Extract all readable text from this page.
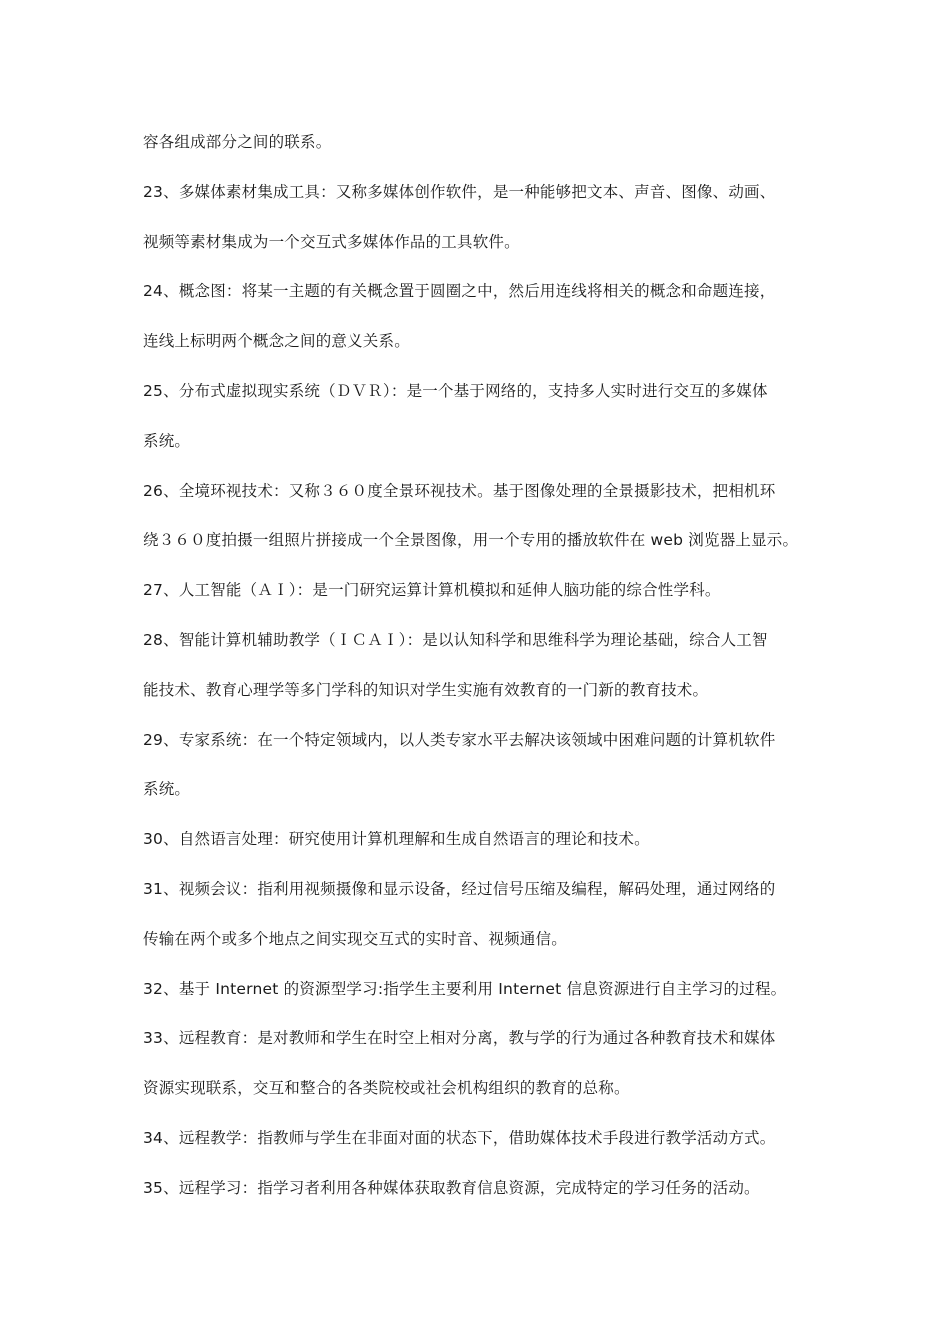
容各组成部分之间的联系。
23、多媒体素材集成工具：又称多媒体创作软件，是一种能够把文本、声音、图像、动画、
视频等素材集成为一个交互式多媒体作品的工具软件。
24、概念图：将某一主题的有关概念置于圆圈之中，然后用连线将相关的概念和命题连接，
连线上标明两个概念之间的意义关系。
25、分布式虚拟现实系统（ＤＶＲ）：是一个基于网络的，支持多人实时进行交互的多媒体
系统。
26、全境环视技术：又称３６０度全景环视技术。基于图像处理的全景摄影技术，把相机环
绕３６０度拍摄一组照片拼接成一个全景图像，用一个专用的播放软件在 web 浏览器上显示。
27、人工智能（ＡＩ）：是一门研究运算计算机模拟和延伸人脑功能的综合性学科。
28、智能计算机辅助教学（ＩＣＡＩ）：是以认知科学和思维科学为理论基础，综合人工智
能技术、教育心理学等多门学科的知识对学生实施有效教育的一门新的教育技术。
29、专家系统：在一个特定领域内，以人类专家水平去解决该领域中困难问题的计算机软件
系统。
30、自然语言处理：研究使用计算机理解和生成自然语言的理论和技术。
31、视频会议：指利用视频摄像和显示设备，经过信号压缩及编程，解码处理，通过网络的
传输在两个或多个地点之间实现交互式的实时音、视频通信。
32、基于 Internet 的资源型学习:指学生主要利用 Internet 信息资源进行自主学习的过程。
33、远程教育：是对教师和学生在时空上相对分离，教与学的行为通过各种教育技术和媒体
资源实现联系，交互和整合的各类院校或社会机构组织的教育的总称。
34、远程教学：指教师与学生在非面对面的状态下，借助媒体技术手段进行教学活动方式。
35、远程学习：指学习者利用各种媒体获取教育信息资源，完成特定的学习任务的活动。
